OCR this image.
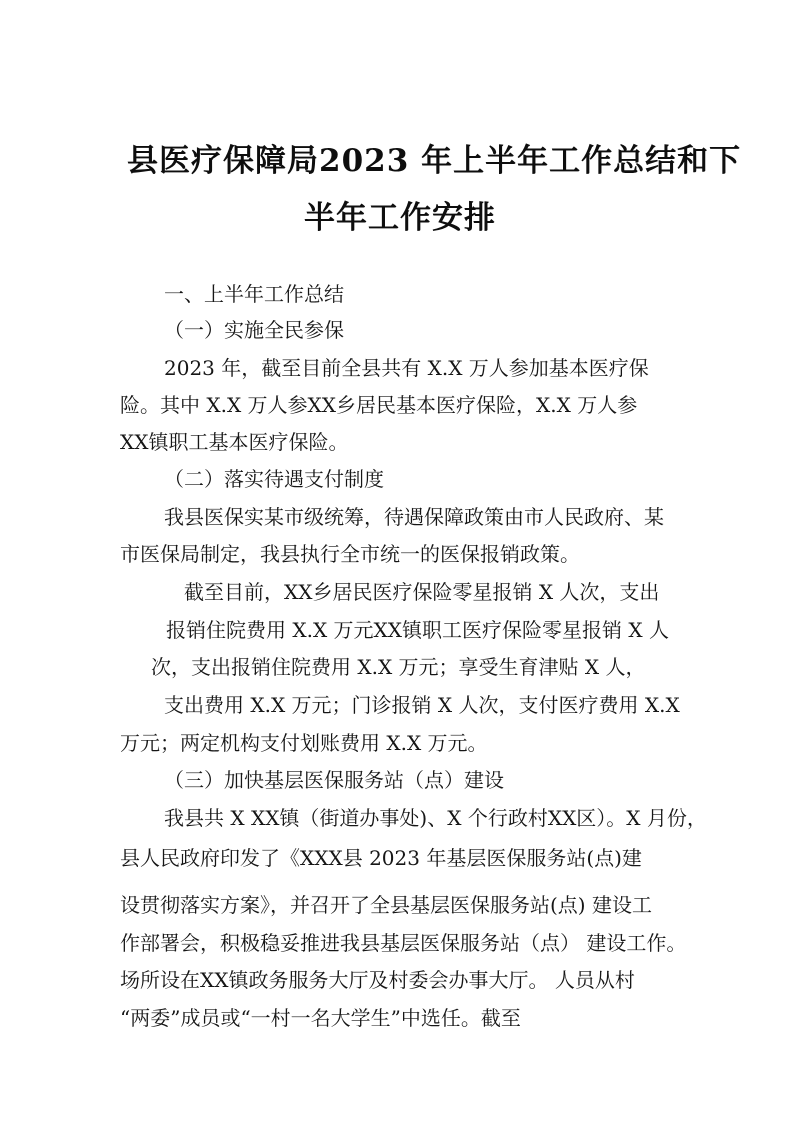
县医疗保障局2023 年上半年工作总结和下
半年工作安排
一、上半年工作总结
（一）实施全民参保
2023 年，截至目前全县共有 X.X 万人参加基本医疗保
险。其中 X.X 万人参XX乡居民基本医疗保险，X.X 万人参
XX镇职工基本医疗保险。
（二）落实待遇支付制度
我县医保实某市级统筹，待遇保障政策由市人民政府、某
市医保局制定，我县执行全市统一的医保报销政策。
截至目前，XX乡居民医疗保险零星报销 X 人次，支出
报销住院费用 X.X 万元XX镇职工医疗保险零星报销 X 人
次，支出报销住院费用 X.X 万元；享受生育津贴 X 人，
支出费用 X.X 万元；门诊报销 X 人次，支付医疗费用 X.X
万元；两定机构支付划账费用 X.X 万元。
（三）加快基层医保服务站（点）建设
我县共 X XX镇（街道办事处)、X 个行政村XX区）。X 月份，
县人民政府印发了《XXX县 2023 年基层医保服务站(点)建
设贯彻落实方案》，并召开了全县基层医保服务站(点) 建设工
作部署会，积极稳妥推进我县基层医保服务站（点） 建设工作。
场所设在XX镇政务服务大厅及村委会办事大厅。 人员从村
“两委”成员或“一村一名大学生”中选任。截至
